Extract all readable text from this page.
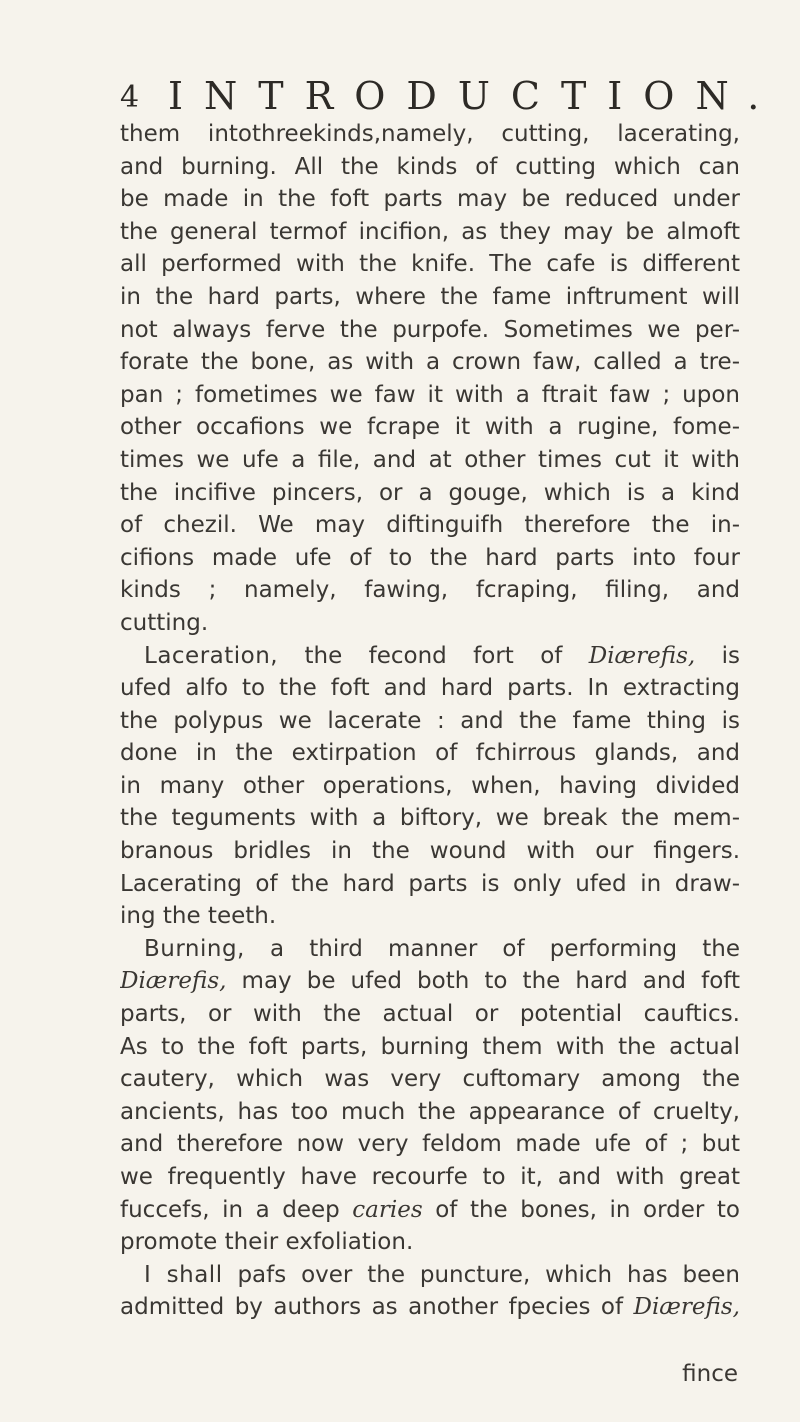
4 INTRODUCTION.
them intothreekinds,namely, cutting, lacerating,
and burning. All the kinds of cutting which can
be made in the foft parts may be reduced under
the general termof incifion, as they may be almoft
all performed with the knife. The cafe is different
in the hard parts, where the fame inftrument will
not always ferve the purpofe. Sometimes we per-
forate the bone, as with a crown faw, called a tre-
pan ; fometimes we faw it with a ftrait faw ; upon
other occafions we fcrape it with a rugine, fome-
times we ufe a file, and at other times cut it with
the incifive pincers, or a gouge, which is a kind
of chezil. We may diftinguifh therefore the in-
cifions made ufe of to the hard parts into four
kinds ; namely, fawing, fcraping, filing, and
cutting.
Laceration, the fecond fort of Diærefis, is
ufed alfo to the foft and hard parts. In extracting
the polypus we lacerate : and the fame thing is
done in the extirpation of fchirrous glands, and
in many other operations, when, having divided
the teguments with a biftory, we break the mem-
branous bridles in the wound with our fingers.
Lacerating of the hard parts is only ufed in draw-
ing the teeth.
Burning, a third manner of performing the
Diærefis, may be ufed both to the hard and foft
parts, or with the actual or potential cauftics.
As to the foft parts, burning them with the actual
cautery, which was very cuftomary among the
ancients, has too much the appearance of cruelty,
and therefore now very feldom made ufe of ; but
we frequently have recourfe to it, and with great
fuccefs, in a deep caries of the bones, in order to
promote their exfoliation.
I shall pafs over the puncture, which has been
admitted by authors as another fpecies of Diærefis,
fince
